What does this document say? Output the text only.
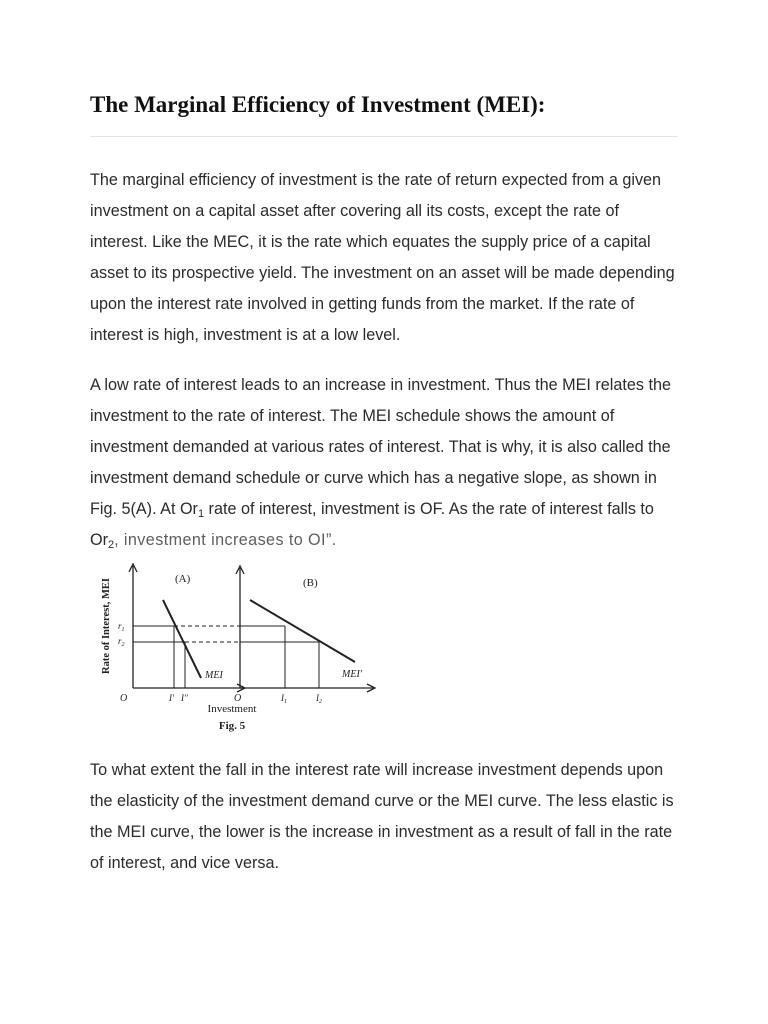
The Marginal Efficiency of Investment (MEI):

The marginal efficiency of investment is the rate of return expected from a given investment on a capital asset after covering all its costs, except the rate of interest. Like the MEC, it is the rate which equates the supply price of a capital asset to its prospective yield. The investment on an asset will be made depending upon the interest rate involved in getting funds from the market. If the rate of interest is high, investment is at a low level.

A low rate of interest leads to an increase in investment. Thus the MEI relates the investment to the rate of interest. The MEI schedule shows the amount of investment demanded at various rates of interest. That is why, it is also called the investment demand schedule or curve which has a negative slope, as shown in Fig. 5(A). At $Or_1$ rate of interest, investment is OF. As the rate of interest falls to $Or_2$, investment increases to OI”.

To what extent the fall in the interest rate will increase investment depends upon the elasticity of the investment demand curve or the MEI curve. The less elastic is the MEI curve, the lower is the increase in investment as a result of fall in the rate of interest, and vice versa.

Rate of Interest, MEI	(A)	(B)
$r_1$
$r_2$
MEI	MEI'
O	O
I' I"	$I_1$	$I_2$
Investment
Fig. 5
